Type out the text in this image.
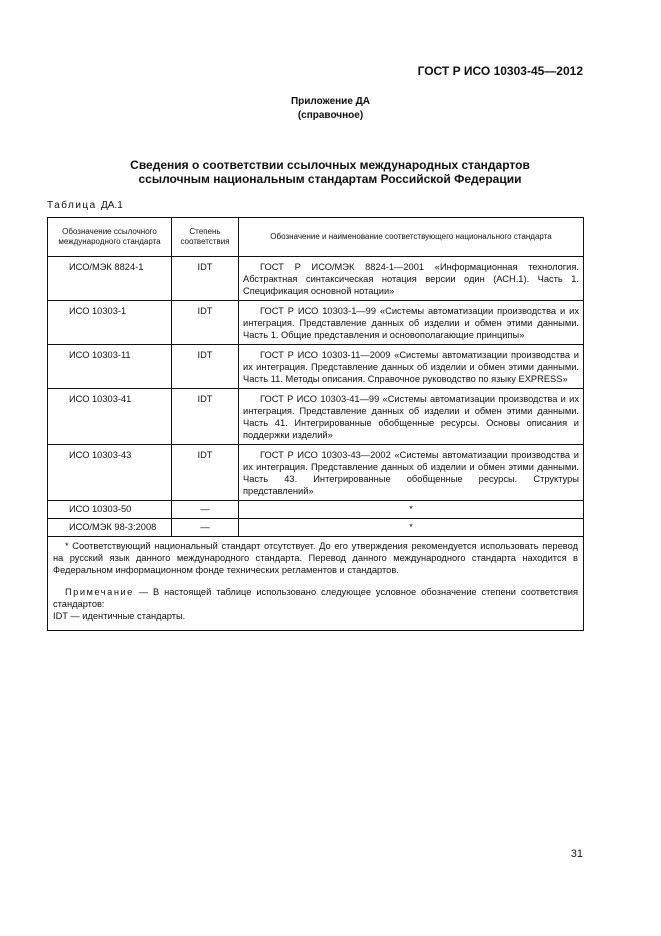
ГОСТ Р ИСО 10303-45—2012
Приложение ДА
(справочное)
Сведения о соответствии ссылочных международных стандартов
ссылочным национальным стандартам Российской Федерации
Таблица ДА.1
Обозначение ссылочного международного стандарта	Степень соответствия	Обозначение и наименование соответствующего национального стандарта
ИСО/МЭК 8824-1	IDT	ГОСТ Р ИСО/МЭК 8824-1—2001 «Информационная технология. Абстрактная синтаксическая нотация версии один (АСН.1). Часть 1. Спецификация основной нотации»
ИСО 10303-1	IDT	ГОСТ Р ИСО 10303-1—99 «Системы автоматизации производства и их интеграция. Представление данных об изделии и обмен этими данными. Часть 1. Общие представления и основополагающие принципы»
ИСО 10303-11	IDT	ГОСТ Р ИСО 10303-11—2009 «Системы автоматизации производства и их интеграция. Представление данных об изделии и обмен этими данными. Часть 11. Методы описания. Справочное руководство по языку EXPRESS»
ИСО 10303-41	IDT	ГОСТ Р ИСО 10303-41—99 «Системы автоматизации производства и их интеграция. Представление данных об изделии и обмен этими данными. Часть 41. Интегрированные обобщенные ресурсы. Основы описания и поддержки изделий»
ИСО 10303-43	IDT	ГОСТ Р ИСО 10303-43—2002 «Системы автоматизации производства и их интеграция. Представление данных об изделии и обмен этими данными. Часть 43. Интегрированные обобщенные ресурсы. Структуры представлений»
ИСО 10303-50	—	*
ИСО/МЭК 98-3:2008	—	*

* Соответствующий национальный стандарт отсутствует. До его утверждения рекомендуется использовать перевод на русский язык данного международного стандарта. Перевод данного международного стандарта находится в Федеральном информационном фонде технических регламентов и стандартов.

Примечание — В настоящей таблице использовано следующее условное обозначение степени соответствия стандартов:

IDT — идентичные стандарты.		

31
